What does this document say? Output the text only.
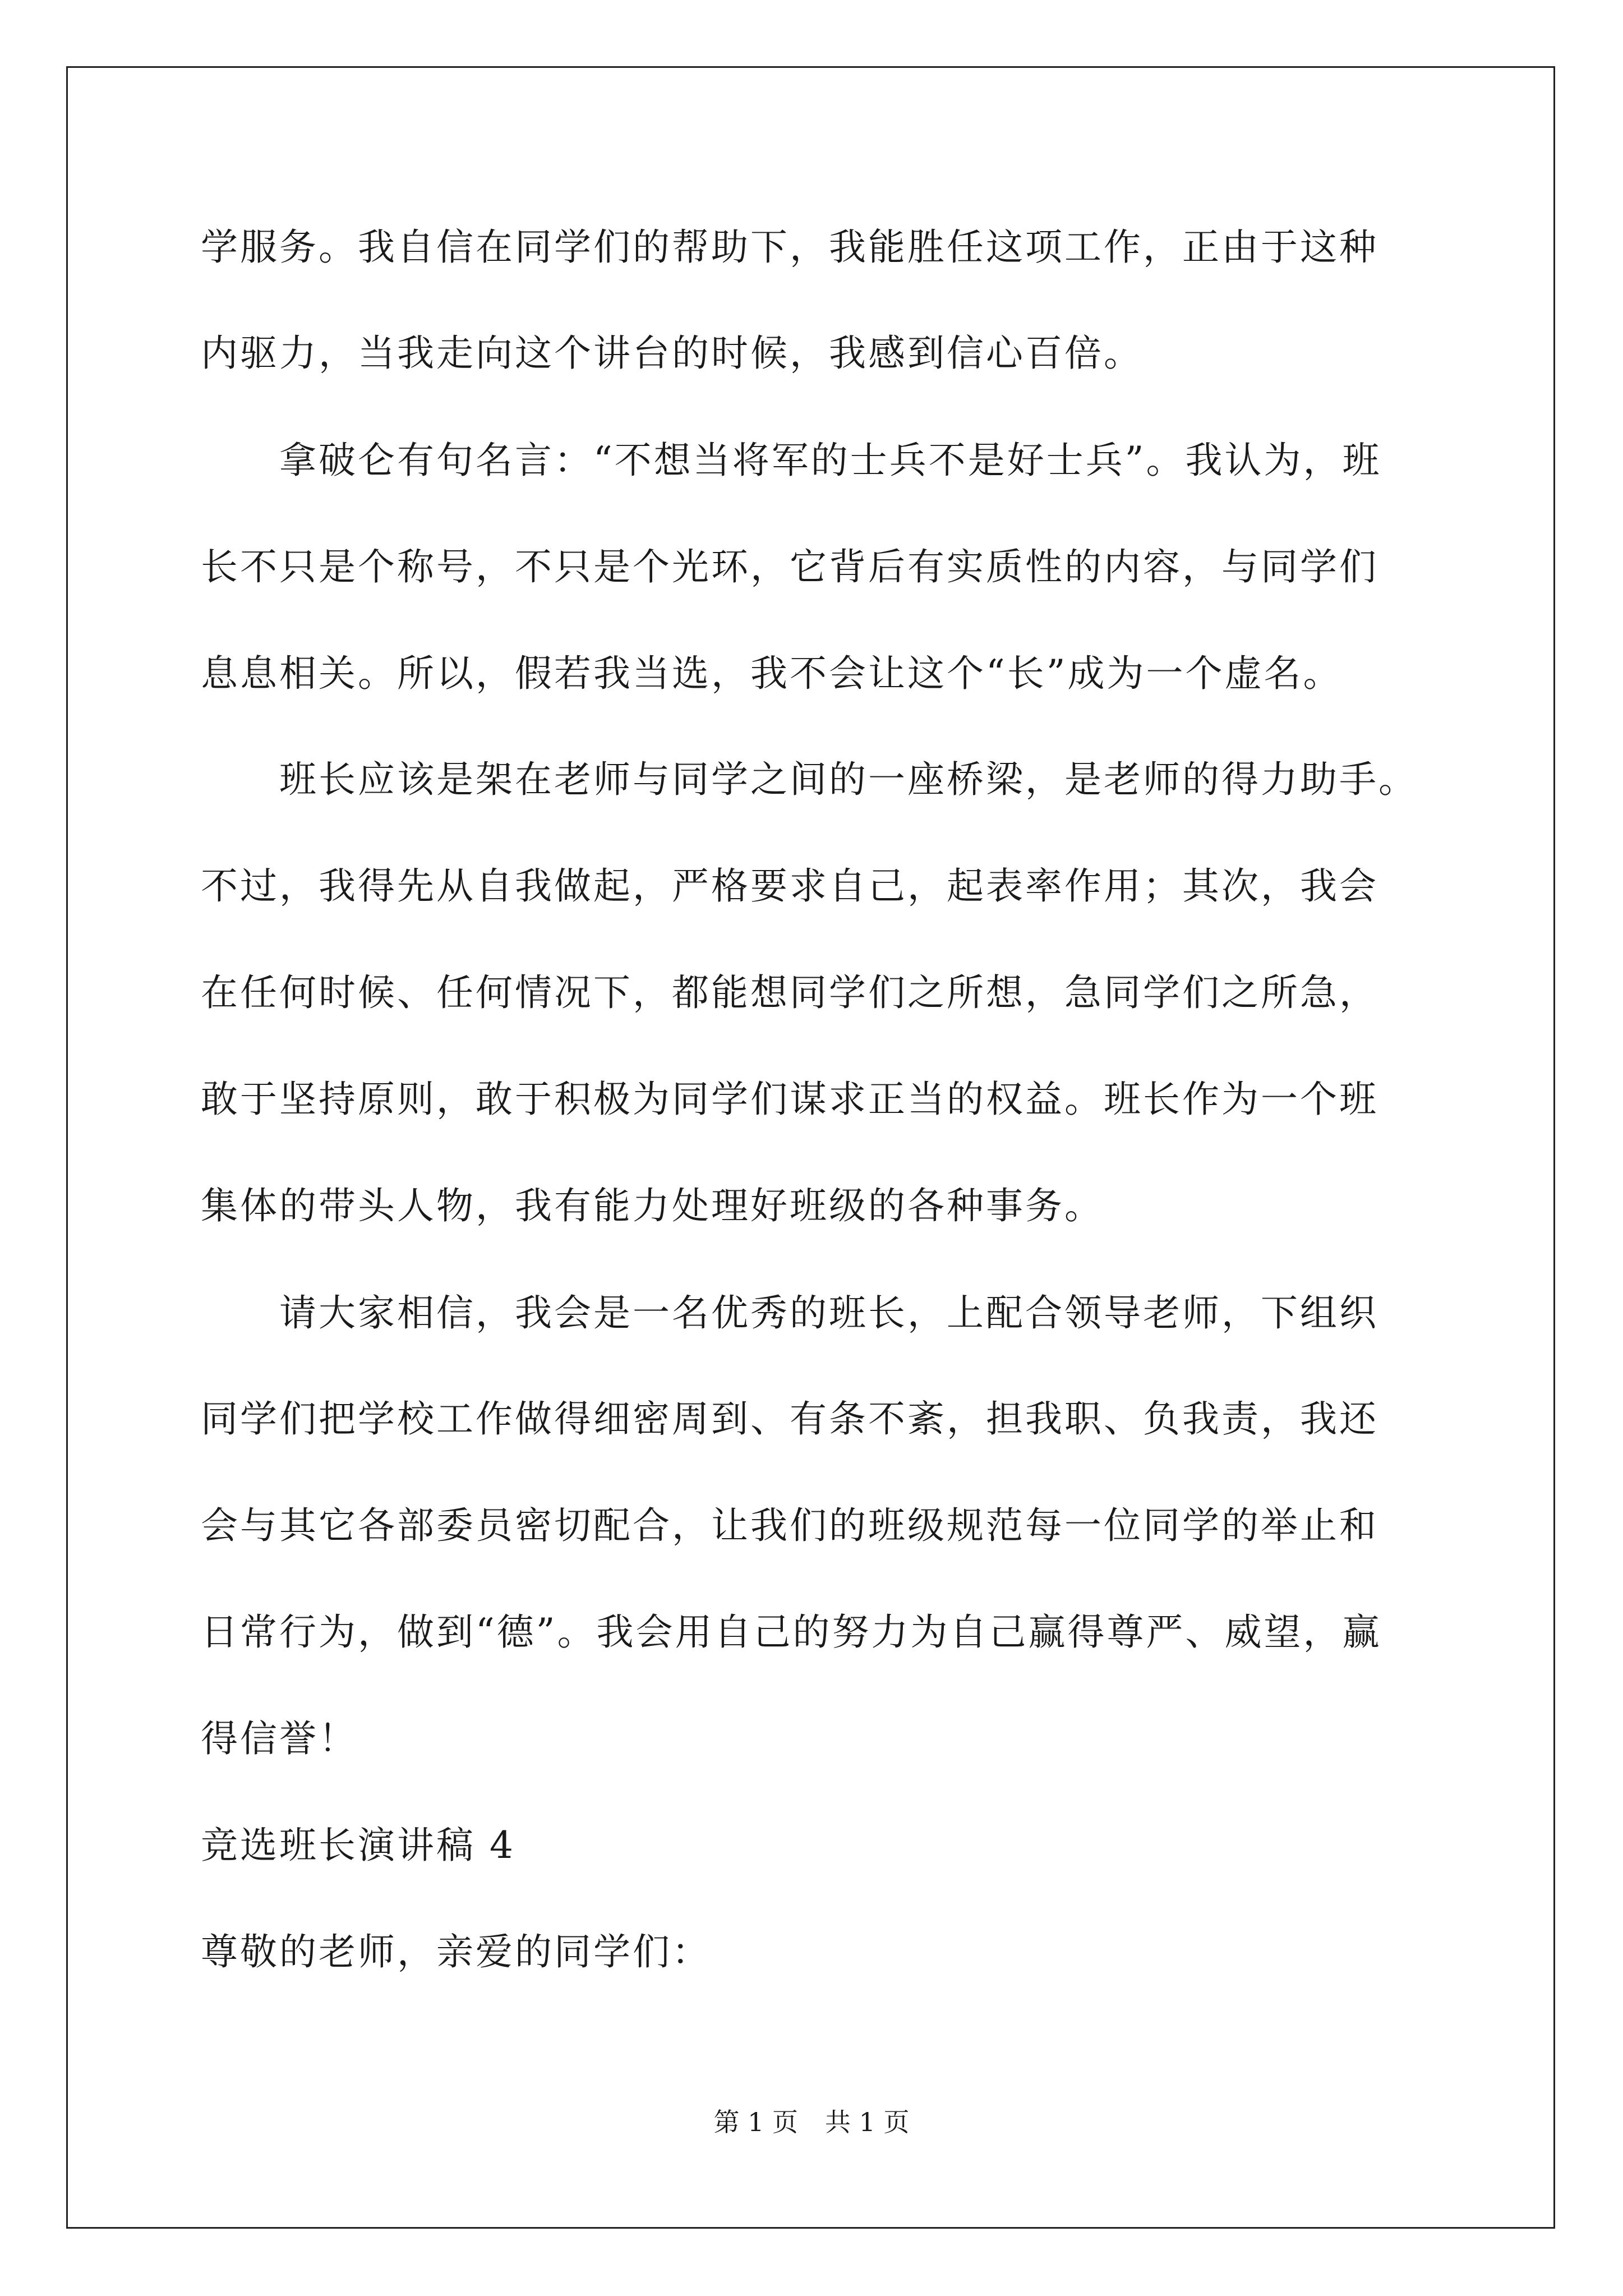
学服务。我自信在同学们的帮助下，我能胜任这项工作，正由于这种

内驱力，当我走向这个讲台的时候，我感到信心百倍。

　　拿破仑有句名言：“不想当将军的士兵不是好士兵”。我认为，班

长不只是个称号，不只是个光环，它背后有实质性的内容，与同学们

息息相关。所以，假若我当选，我不会让这个“长”成为一个虚名。

　　班长应该是架在老师与同学之间的一座桥梁，是老师的得力助手。

不过，我得先从自我做起，严格要求自己，起表率作用；其次，我会

在任何时候、任何情况下，都能想同学们之所想，急同学们之所急，

敢于坚持原则，敢于积极为同学们谋求正当的权益。班长作为一个班

集体的带头人物，我有能力处理好班级的各种事务。

　　请大家相信，我会是一名优秀的班长，上配合领导老师，下组织

同学们把学校工作做得细密周到、有条不紊，担我职、负我责，我还

会与其它各部委员密切配合，让我们的班级规范每一位同学的举止和

日常行为，做到“德”。我会用自己的努力为自己赢得尊严、威望，赢

得信誉！

竞选班长演讲稿 4

尊敬的老师，亲爱的同学们：

第 1 页 共 1 页
